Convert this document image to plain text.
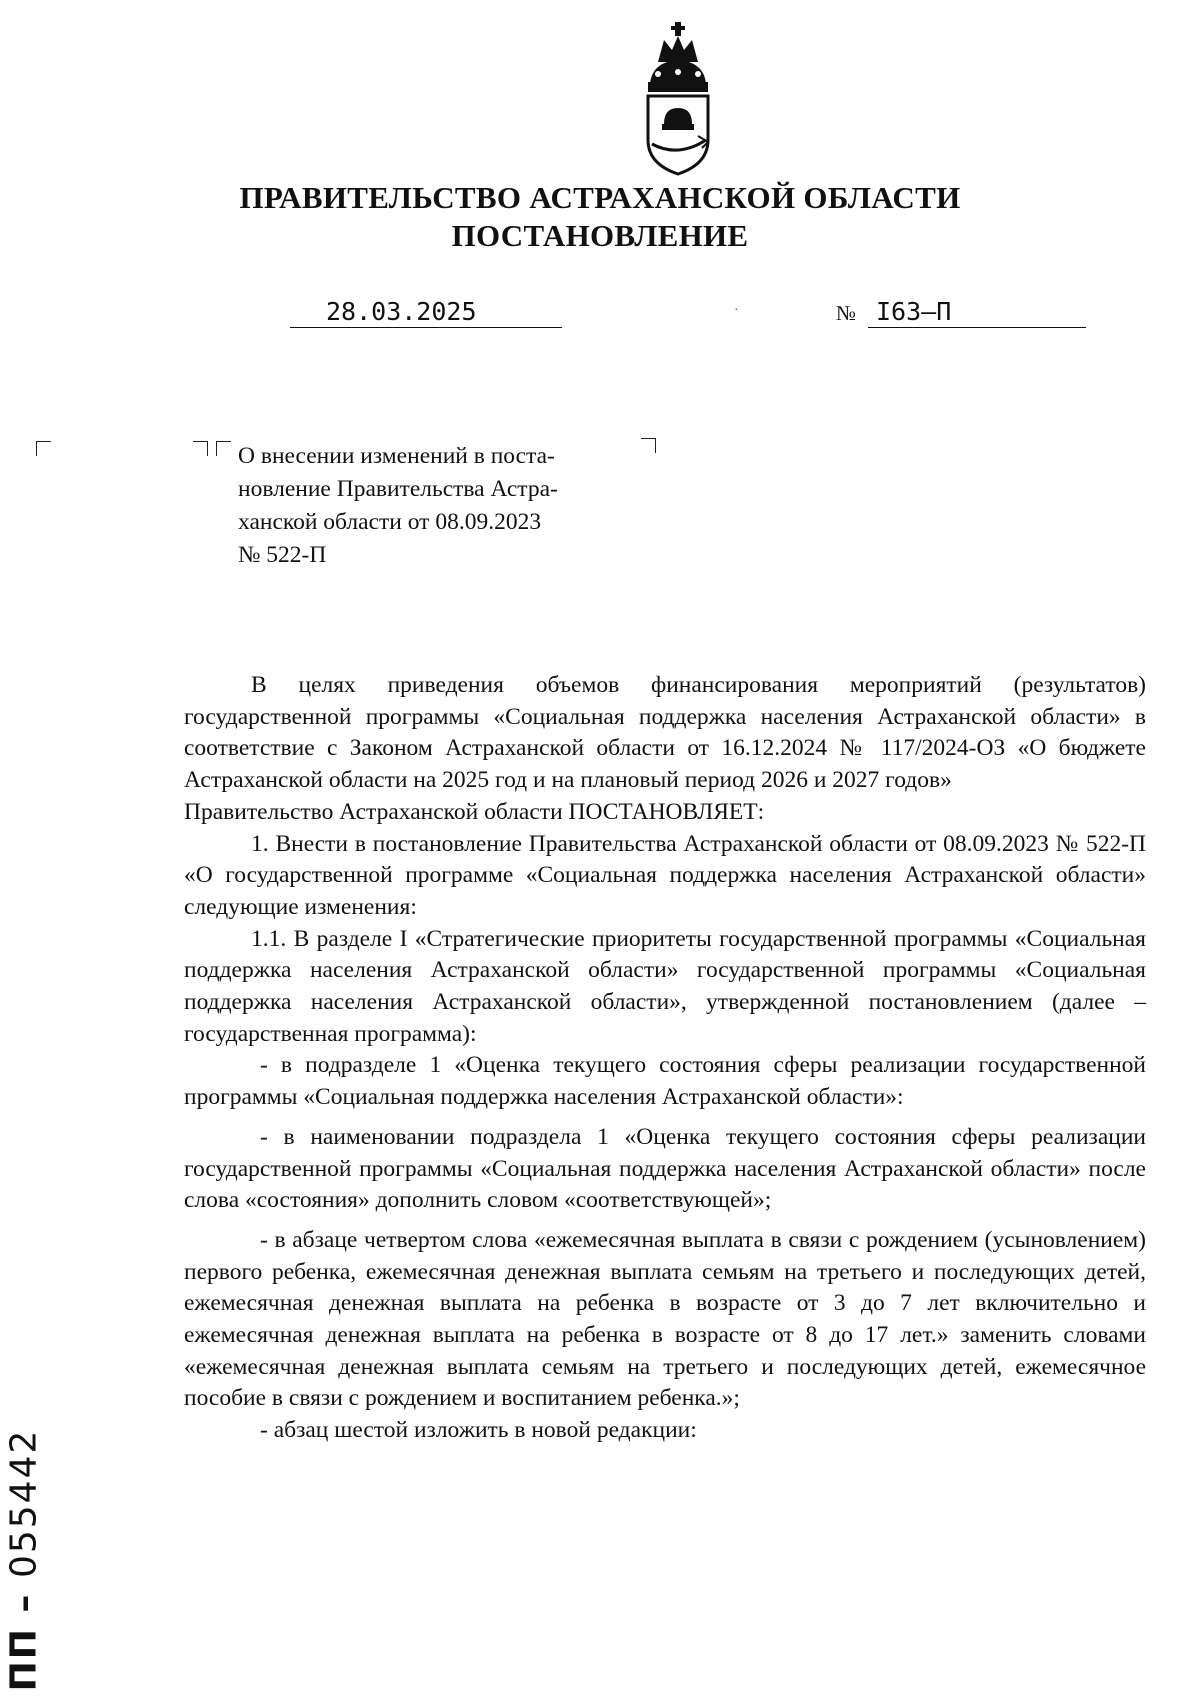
ПРАВИТЕЛЬСТВО АСТРАХАНСКОЙ ОБЛАСТИ
ПОСТАНОВЛЕНИЕ
28.03.2025	·	№ I63–П
О внесении изменений в поста-
новление Правительства Астра-
ханской области от 08.09.2023
№ 522-П

В целях приведения объемов финансирования мероприятий (результатов) государственной программы «Социальная поддержка населения Астраханской области» в соответствие с Законом Астраханской области от 16.12.2024 № 117/2024-ОЗ «О бюджете Астраханской области на 2025 год и на плановый период 2026 и 2027 годов»

Правительство Астраханской области ПОСТАНОВЛЯЕТ:

1. Внести в постановление Правительства Астраханской области от 08.09.2023 № 522-П «О государственной программе «Социальная поддержка населения Астраханской области» следующие изменения:

1.1. В разделе I «Стратегические приоритеты государственной программы «Социальная поддержка населения Астраханской области» государственной программы «Социальная поддержка населения Астраханской области», утвержденной постановлением (далее – государственная программа):

- в подразделе 1 «Оценка текущего состояния сферы реализации государственной программы «Социальная поддержка населения Астраханской области»:

- в наименовании подраздела 1 «Оценка текущего состояния сферы реализации государственной программы «Социальная поддержка населения Астраханской области» после слова «состояния» дополнить словом «соответствующей»;

- в абзаце четвертом слова «ежемесячная выплата в связи с рождением (усыновлением) первого ребенка, ежемесячная денежная выплата семьям на третьего и последующих детей, ежемесячная денежная выплата на ребенка в возрасте от 3 до 7 лет включительно и ежемесячная денежная выплата на ребенка в возрасте от 8 до 17 лет.» заменить словами «ежемесячная денежная выплата семьям на третьего и последующих детей, ежемесячное пособие в связи с рождением и воспитанием ребенка.»;

- абзац шестой изложить в новой редакции:

ПП – 055442
